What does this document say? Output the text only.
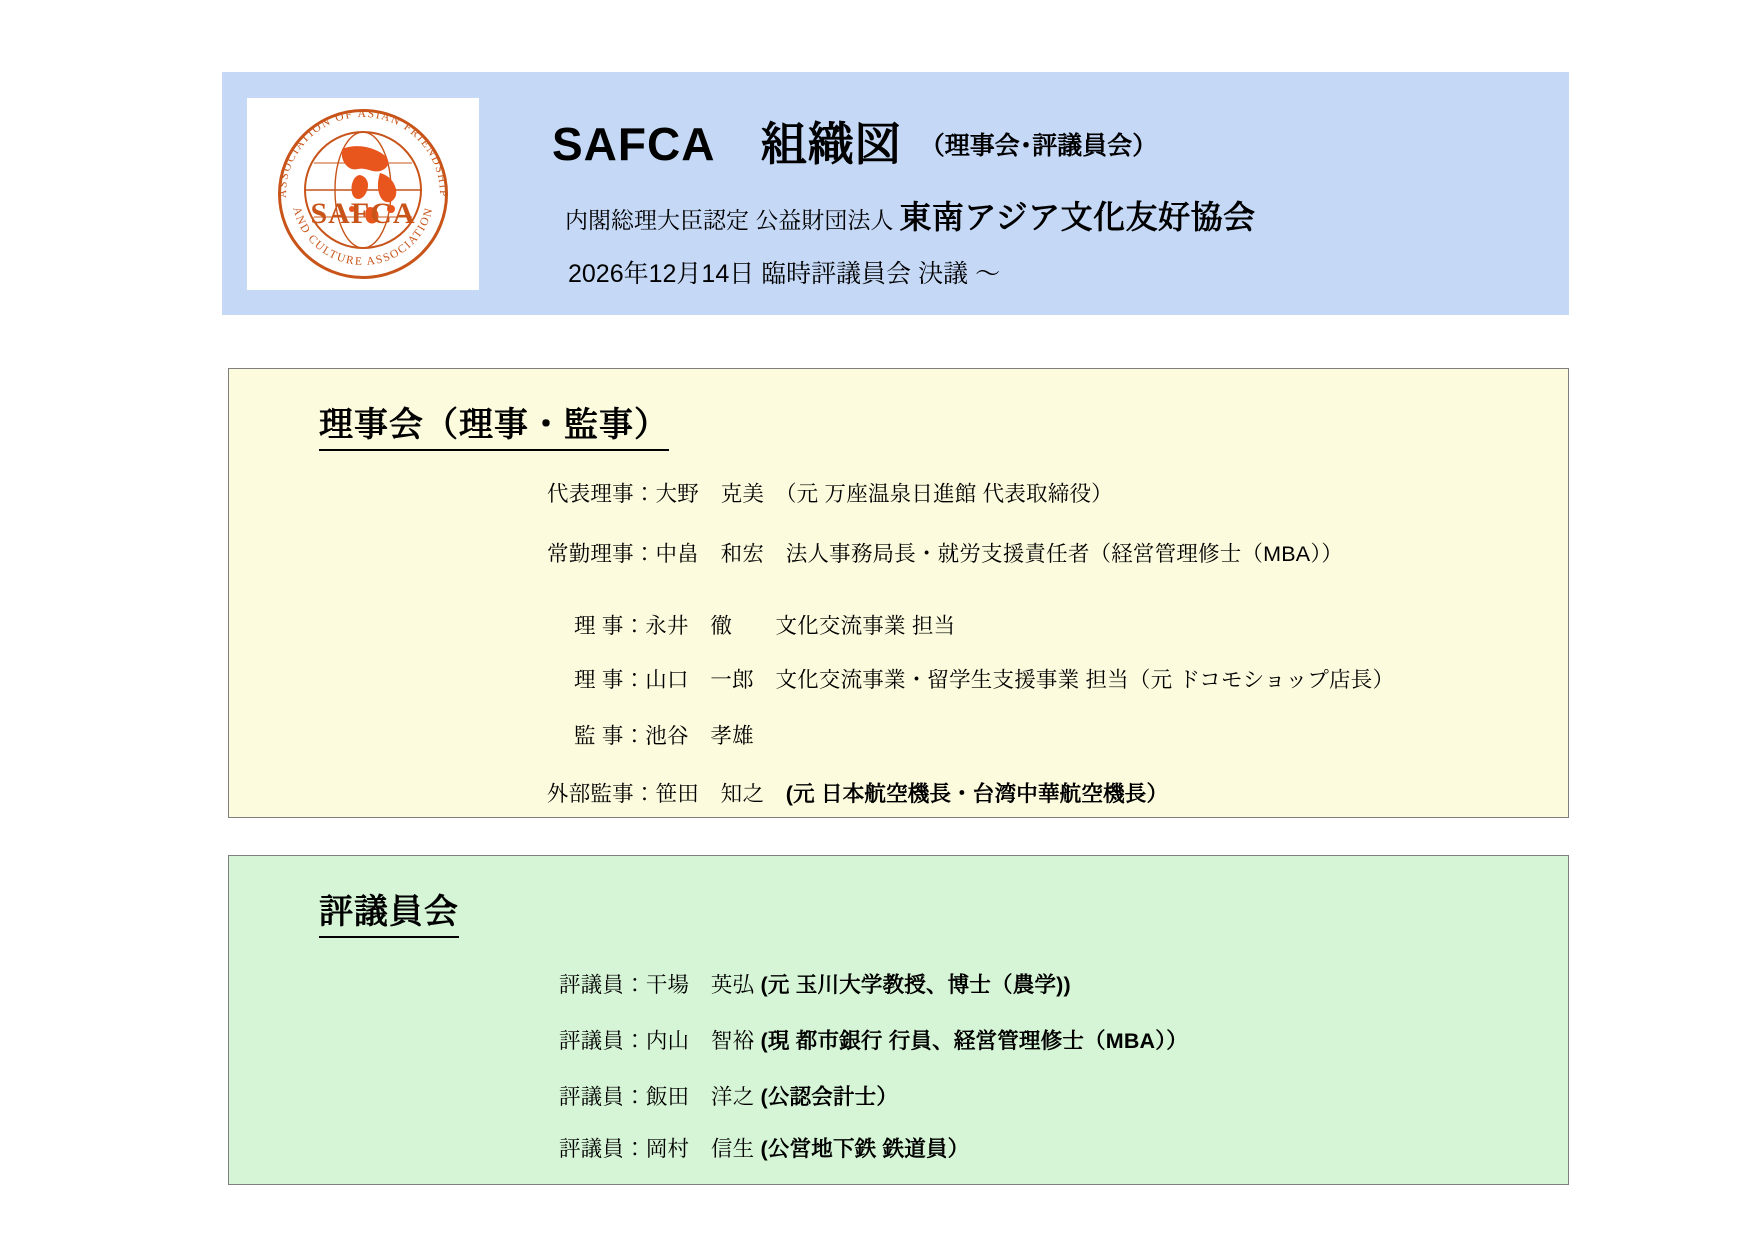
ASSOCIATION OF ASIAN FRIENDSHIP
AND CULTURE ASSOCIATION
SAFCA
SAFCA　組織図 （理事会･評議員会）
内閣総理大臣認定 公益財団法人 東南アジア文化友好協会
2026年12月14日 臨時評議員会 決議 〜
理事会（理事・監事）
代表理事：大野　克美　 （元 万座温泉日進館 代表取締役）
常勤理事：中畠　和宏　 法人事務局長・就労支援責任者（経営管理修士（MBA））
理 事：永井　徹　　 文化交流事業 担当
理 事：山口　一郎　 文化交流事業・留学生支援事業 担当（元 ドコモショップ店長）
監 事：池谷　孝雄
外部監事：笹田　知之　 (元 日本航空機長・台湾中華航空機長）
評議員会
評議員：干場　英弘 (元 玉川大学教授、博士（農学))
評議員：内山　智裕 (現 都市銀行 行員、経営管理修士（MBA））
評議員：飯田　洋之 (公認会計士）
評議員：岡村　信生 (公営地下鉄 鉄道員）
